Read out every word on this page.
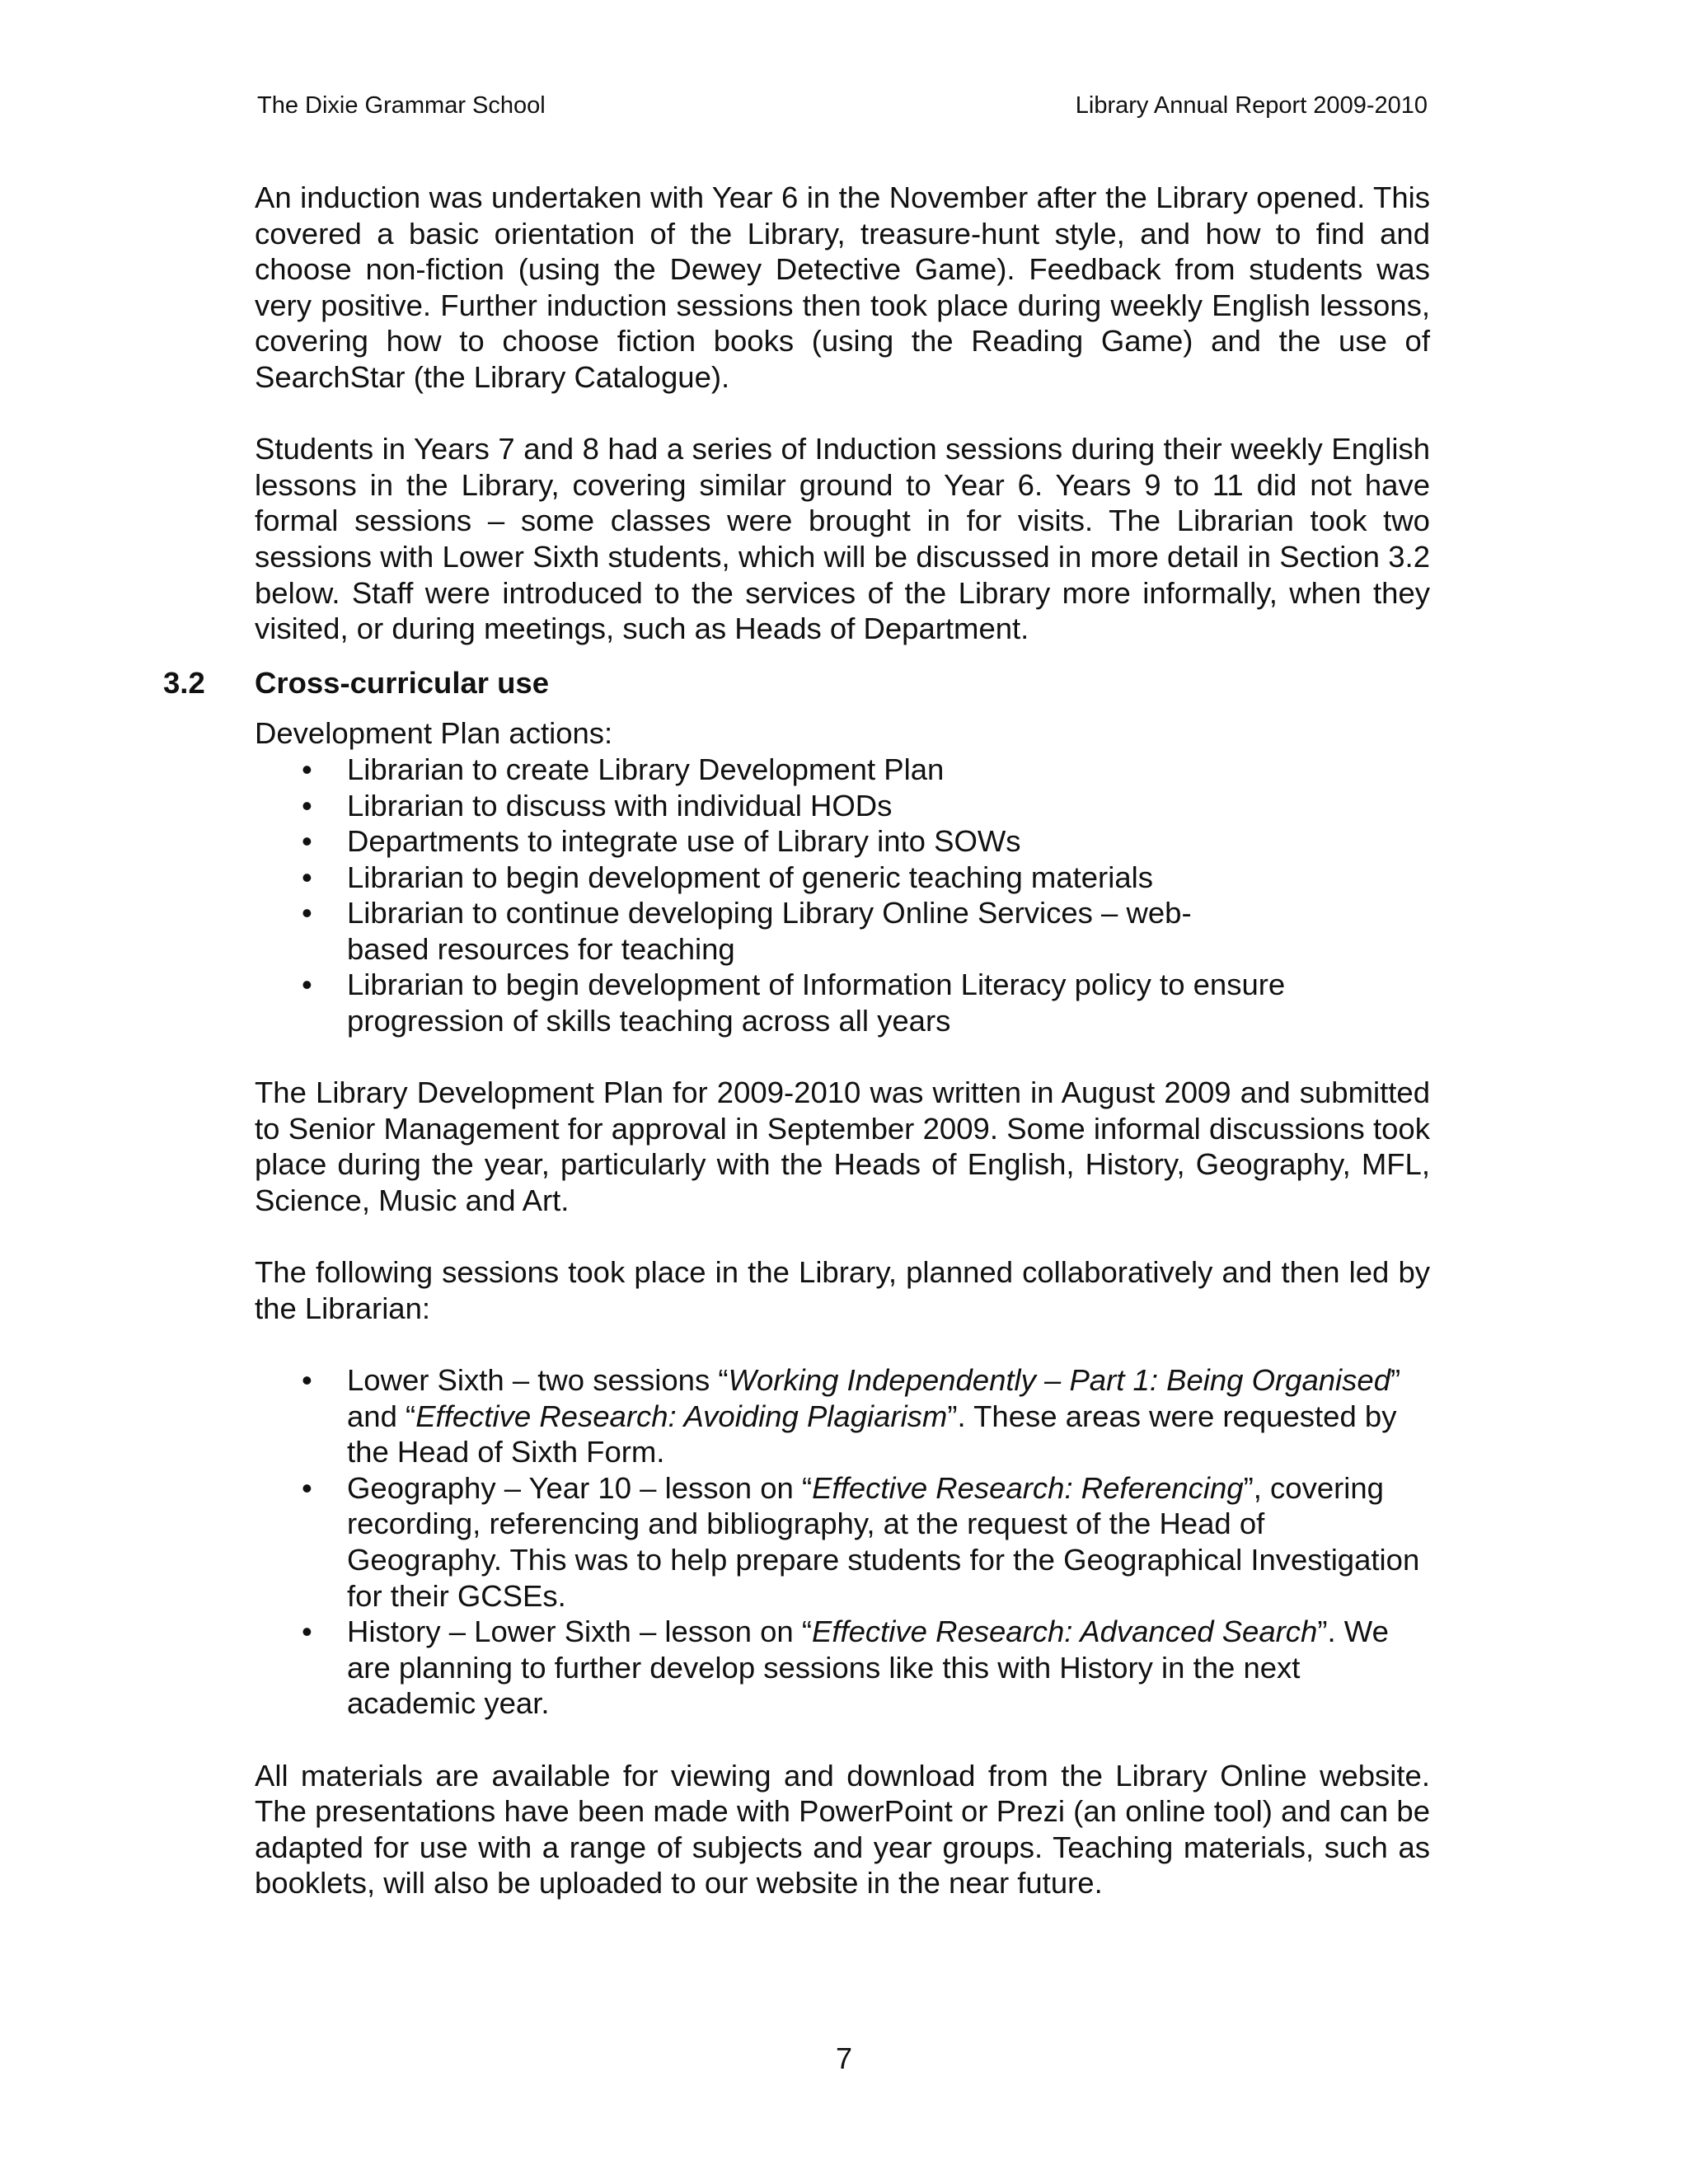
The Dixie Grammar School	Library Annual Report 2009-2010

An induction was undertaken with Year 6 in the November after the Library opened. This covered a basic orientation of the Library, treasure-hunt style, and how to find and choose non-fiction (using the Dewey Detective Game). Feedback from students was very positive. Further induction sessions then took place during weekly English lessons, covering how to choose fiction books (using the Reading Game) and the use of SearchStar (the Library Catalogue).

Students in Years 7 and 8 had a series of Induction sessions during their weekly English lessons in the Library, covering similar ground to Year 6. Years 9 to 11 did not have formal sessions – some classes were brought in for visits. The Librarian took two sessions with Lower Sixth students, which will be discussed in more detail in Section 3.2 below. Staff were introduced to the services of the Library more informally, when they visited, or during meetings, such as Heads of Department.

3.2 Cross-curricular use

Development Plan actions:

• Librarian to create Library Development Plan
• Librarian to discuss with individual HODs
• Departments to integrate use of Library into SOWs
• Librarian to begin development of generic teaching materials
• Librarian to continue developing Library Online Services – web-based resources for teaching
• Librarian to begin development of Information Literacy policy to ensure progression of skills teaching across all years

The Library Development Plan for 2009-2010 was written in August 2009 and submitted to Senior Management for approval in September 2009. Some informal discussions took place during the year, particularly with the Heads of English, History, Geography, MFL, Science, Music and Art.

The following sessions took place in the Library, planned collaboratively and then led by the Librarian:

• Lower Sixth – two sessions “Working Independently – Part 1: Being Organised” and “Effective Research: Avoiding Plagiarism”. These areas were requested by the Head of Sixth Form.
• Geography – Year 10 – lesson on “Effective Research: Referencing”, covering recording, referencing and bibliography, at the request of the Head of Geography. This was to help prepare students for the Geographical Investigation for their GCSEs.
• History – Lower Sixth – lesson on “Effective Research: Advanced Search”. We are planning to further develop sessions like this with History in the next academic year.

All materials are available for viewing and download from the Library Online website. The presentations have been made with PowerPoint or Prezi (an online tool) and can be adapted for use with a range of subjects and year groups. Teaching materials, such as booklets, will also be uploaded to our website in the near future.

7
